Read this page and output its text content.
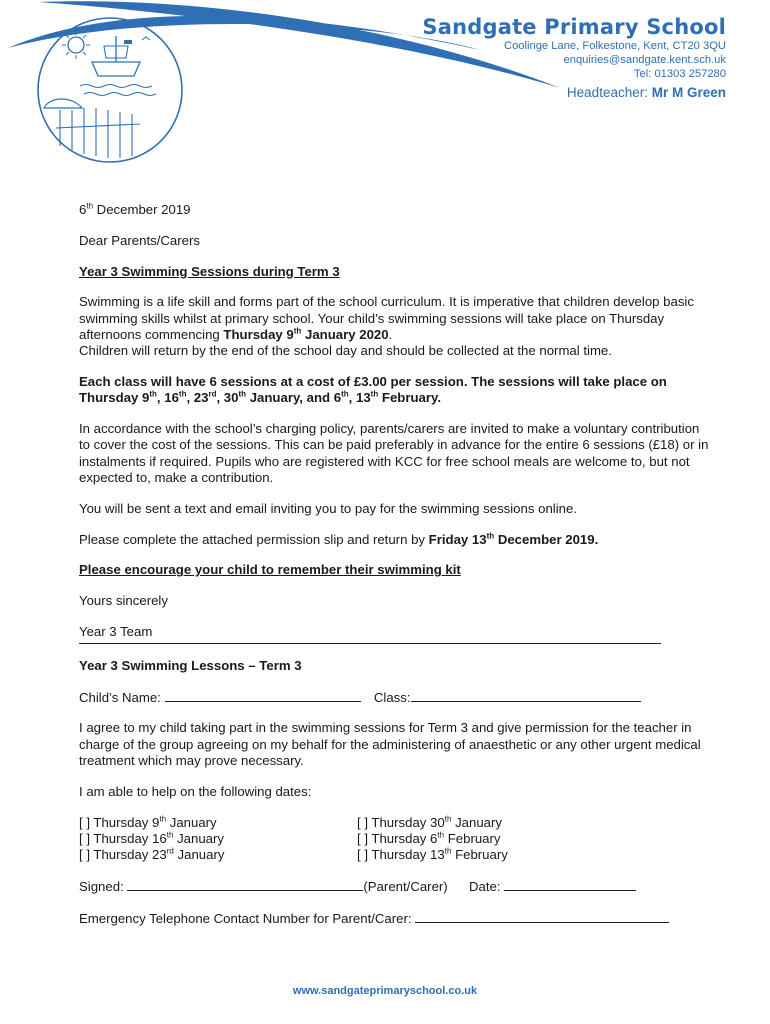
Sandgate Primary School
Coolinge Lane, Folkestone, Kent, CT20 3QU
enquiries@sandgate.kent.sch.uk
Tel: 01303 257280
Headteacher: Mr M Green

6th December 2019

Dear Parents/Carers

Year 3 Swimming Sessions during Term 3

Swimming is a life skill and forms part of the school curriculum. It is imperative that children develop basic swimming skills whilst at primary school. Your child’s swimming sessions will take place on Thursday afternoons commencing Thursday 9th January 2020.
Children will return by the end of the school day and should be collected at the normal time.

Each class will have 6 sessions at a cost of £3.00 per session. The sessions will take place on Thursday 9th, 16th, 23rd, 30th January, and 6th, 13th February.

In accordance with the school’s charging policy, parents/carers are invited to make a voluntary contribution to cover the cost of the sessions. This can be paid preferably in advance for the entire 6 sessions (£18) or in instalments if required. Pupils who are registered with KCC for free school meals are welcome to, but not expected to, make a contribution.

You will be sent a text and email inviting you to pay for the swimming sessions online.

Please complete the attached permission slip and return by Friday 13th December 2019.

Please encourage your child to remember their swimming kit

Yours sincerely

Year 3 Team

Year 3 Swimming Lessons – Term 3

Child’s Name:	Class:

I agree to my child taking part in the swimming sessions for Term 3 and give permission for the teacher in charge of the group agreeing on my behalf for the administering of anaesthetic or any other urgent medical treatment which may prove necessary.

I am able to help on the following dates:

[ ] Thursday 9th January
[ ] Thursday 16th January
[ ] Thursday 23rd January
[ ] Thursday 30th January
[ ] Thursday 6th February
[ ] Thursday 13th February

Signed:	(Parent/Carer) Date:

Emergency Telephone Contact Number for Parent/Carer:

www.sandgateprimaryschool.co.uk
